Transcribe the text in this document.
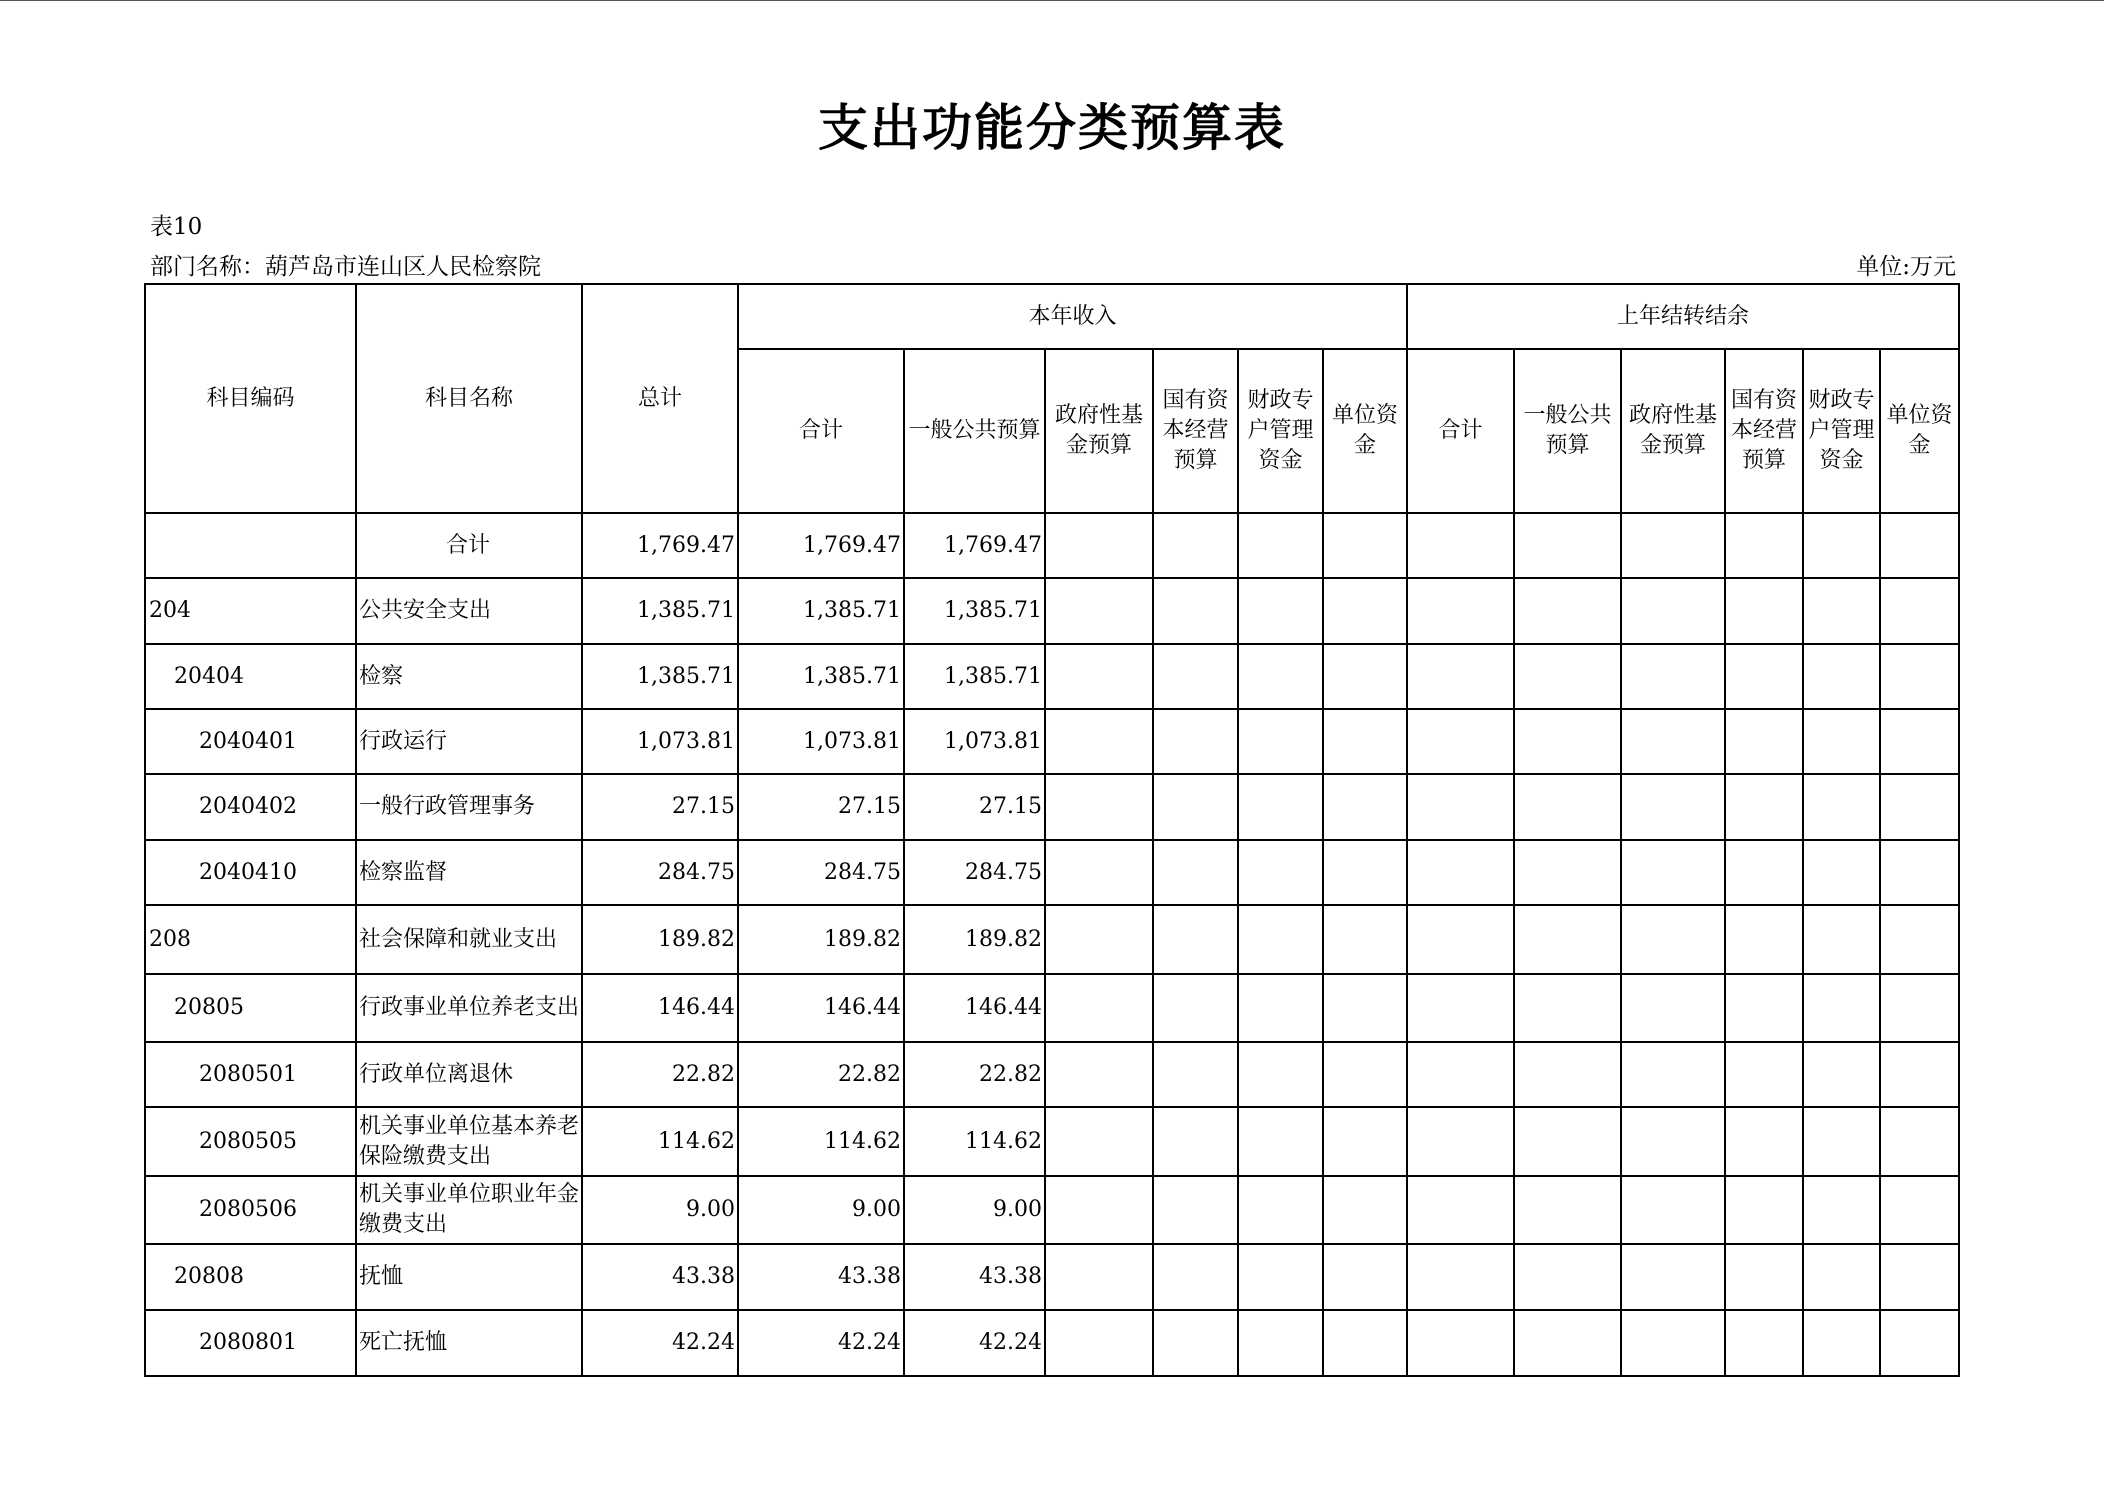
支出功能分类预算表
表10
部门名称：葫芦岛市连山区人民检察院	单位:万元
科目编码	科目名称	总计	本年收入						上年结转结余					
			合计	一般公共预算	政府性基金预算	国有资本经营预算	财政专户管理资金	单位资金	合计	一般公共预算	政府性基金预算	国有资本经营预算	财政专户管理资金	单位资金
	合计	1,769.47	1,769.47	1,769.47										
204	公共安全支出	1,385.71	1,385.71	1,385.71										
20404	检察	1,385.71	1,385.71	1,385.71										
2040401	行政运行	1,073.81	1,073.81	1,073.81										
2040402	一般行政管理事务	27.15	27.15	27.15										
2040410	检察监督	284.75	284.75	284.75										
208	社会保障和就业支出	189.82	189.82	189.82										
20805	行政事业单位养老支出	146.44	146.44	146.44										
2080501	行政单位离退休	22.82	22.82	22.82										
2080505	机关事业单位基本养老保险缴费支出	114.62	114.62	114.62										
2080506	机关事业单位职业年金缴费支出	9.00	9.00	9.00										
20808	抚恤	43.38	43.38	43.38										
2080801	死亡抚恤	42.24	42.24	42.24										
